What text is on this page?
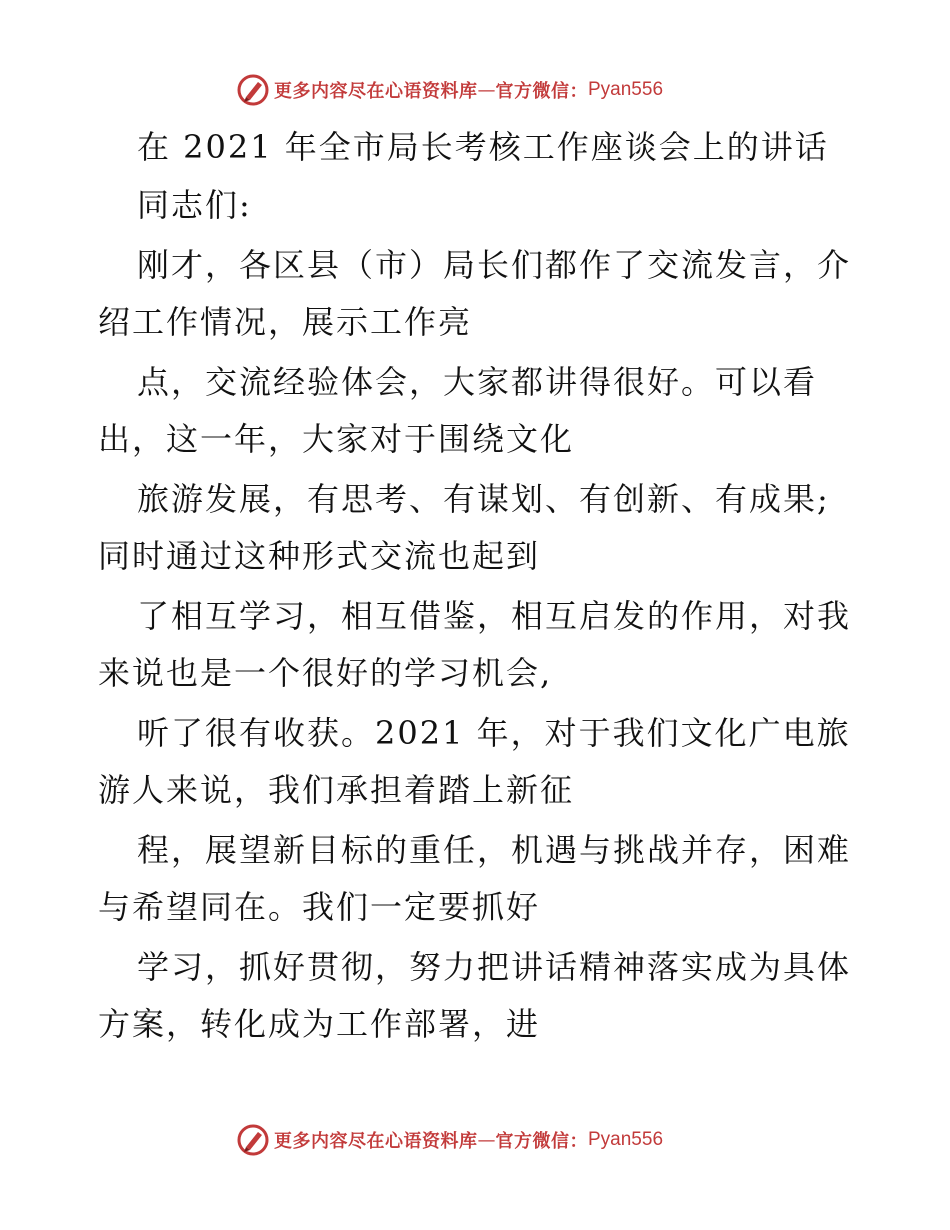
更多内容尽在心语资料库 — 官方微信： Pyan556
在 2021 年全市局长考核工作座谈会上的讲话
同志们:
刚才，各区县（市）局长们都作了交流发言，介
绍工作情况，展示工作亮
点，交流经验体会，大家都讲得很好。可以看
出，这一年，大家对于围绕文化
旅游发展，有思考、有谋划、有创新、有成果;
同时通过这种形式交流也起到
了相互学习，相互借鉴，相互启发的作用，对我
来说也是一个很好的学习机会,
听了很有收获。2021 年，对于我们文化广电旅
游人来说，我们承担着踏上新征
程，展望新目标的重任，机遇与挑战并存，困难
与希望同在。我们一定要抓好
学习，抓好贯彻，努力把讲话精神落实成为具体
方案，转化成为工作部署，进
更多内容尽在心语资料库 — 官方微信： Pyan556
